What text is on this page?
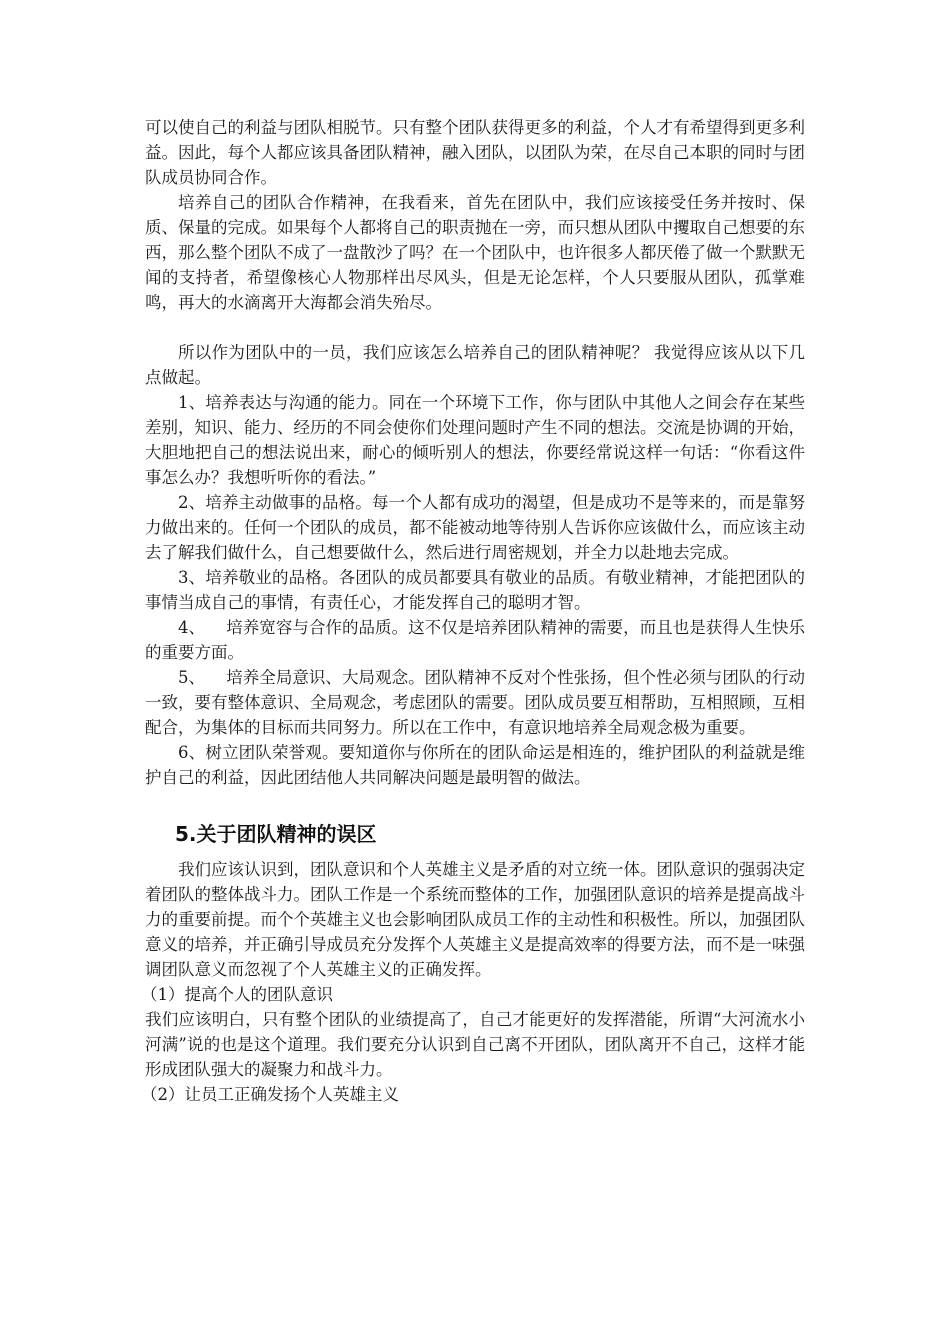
可以使自己的利益与团队相脱节。只有整个团队获得更多的利益，个人才有希望得到更多利益。因此，每个人都应该具备团队精神，融入团队，以团队为荣，在尽自己本职的同时与团队成员协同合作。

培养自己的团队合作精神，在我看来，首先在团队中，我们应该接受任务并按时、保质、保量的完成。如果每个人都将自己的职责抛在一旁，而只想从团队中攫取自己想要的东西，那么整个团队不成了一盘散沙了吗？在一个团队中，也许很多人都厌倦了做一个默默无闻的支持者，希望像核心人物那样出尽风头，但是无论怎样，个人只要服从团队，孤掌难鸣，再大的水滴离开大海都会消失殆尽。

所以作为团队中的一员，我们应该怎么培养自己的团队精神呢？ 我觉得应该从以下几点做起。

1、培养表达与沟通的能力。同在一个环境下工作，你与团队中其他人之间会存在某些差别，知识、能力、经历的不同会使你们处理问题时产生不同的想法。交流是协调的开始，大胆地把自己的想法说出来，耐心的倾听别人的想法，你要经常说这样一句话：“你看这件事怎么办？我想听听你的看法。”

2、培养主动做事的品格。每一个人都有成功的渴望，但是成功不是等来的，而是靠努力做出来的。任何一个团队的成员，都不能被动地等待别人告诉你应该做什么，而应该主动去了解我们做什么，自己想要做什么，然后进行周密规划，并全力以赴地去完成。

3、培养敬业的品格。各团队的成员都要具有敬业的品质。有敬业精神，才能把团队的事情当成自己的事情，有责任心，才能发挥自己的聪明才智。

4、    培养宽容与合作的品质。这不仅是培养团队精神的需要，而且也是获得人生快乐的重要方面。

5、    培养全局意识、大局观念。团队精神不反对个性张扬，但个性必须与团队的行动一致，要有整体意识、全局观念，考虑团队的需要。团队成员要互相帮助，互相照顾，互相配合，为集体的目标而共同努力。所以在工作中，有意识地培养全局观念极为重要。

6、树立团队荣誉观。要知道你与你所在的团队命运是相连的，维护团队的利益就是维护自己的利益，因此团结他人共同解决问题是最明智的做法。

5.关于团队精神的误区

我们应该认识到，团队意识和个人英雄主义是矛盾的对立统一体。团队意识的强弱决定着团队的整体战斗力。团队工作是一个系统而整体的工作，加强团队意识的培养是提高战斗力的重要前提。而个个英雄主义也会影响团队成员工作的主动性和积极性。所以，加强团队意义的培养，并正确引导成员充分发挥个人英雄主义是提高效率的得要方法，而不是一味强调团队意义而忽视了个人英雄主义的正确发挥。

（1）提高个人的团队意识

我们应该明白，只有整个团队的业绩提高了，自己才能更好的发挥潜能，所谓“大河流水小河满”说的也是这个道理。我们要充分认识到自己离不开团队，团队离开不自己，这样才能形成团队强大的凝聚力和战斗力。

（2）让员工正确发扬个人英雄主义
